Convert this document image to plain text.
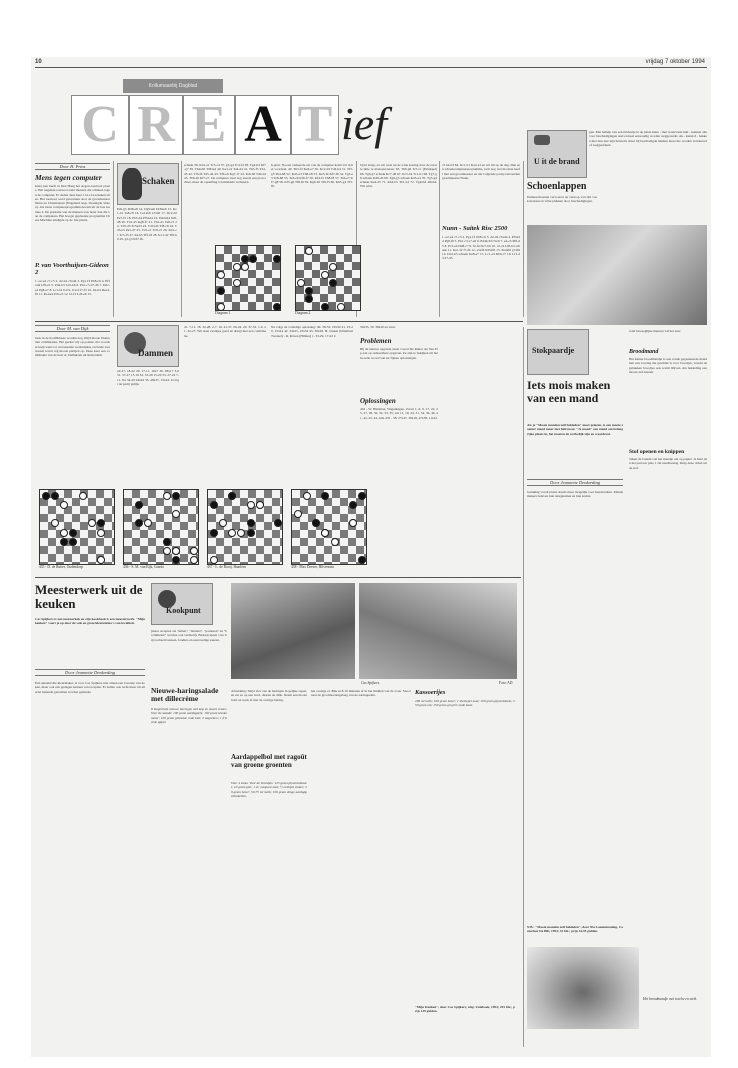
10	vrijdag 7 oktober 1994
Kollumaanbij Dagblad
C R E A T ief
Door H. Prins
Mens tegen computer
Ieder jaar heeft in Den Haag het Aegon-toernooi plaats. Het negende toernooi trekt mensen die schaken tegen de computer. Er deden deze keer 114-114 schakers mee. Het toernooi werd gewonnen door de grootmeester Nunn en Christiansen (Engeland resp. Verenigde Staten). Als beste computerprogramma kwam uit de bus Genius 2. De prestatie van de mensen was beter dan die van de computers. Het hoogst geplaatste programma Chess Machine eindigde op de 16e plaats.
P. van Voorthuijsen-Gideon 2
1. e2-e4 c7-c5 2. d2-d4 c5xd4 3. Pg1-f3 Pb8-c6 4. Pf3xd4 Lf8-e5 5. Pd4-b3 Le5-b6 6. Pb1-c3 d7-d6 7. Dd1-e2 Pg8-e7 8. Lc1-f4 0-0 9. 0-0-0 f7-f5 10. h2-h4 Dea4-f6 11. Pe-ke4 Pc6-e5 12. f2-f3 Lc8-e6 13.
Schaken
Pe6-g5 Dd8-e8 14. Dg5xe6 Dc8xe6 15. Kc1-b1 Ta8-c8 16. Le1xb6 a7xb6 17. Dc2-d2 Pe7-f5 18. Pb5-d4 Pf5xd4 19. Dd2xd4 Te8-d8 20. Td1-d5 Kg8-f7 21. Th1-d1 Te8-c5 22. Td5-d3 Pc5xd3 23. Td1xd3 Tf8-c8 24. Td3-e3 Pe5-d7 25. Td1-e1 Tc8-c5 26. Kb1-c1 Tc5-f5 27. h4-h5 Tf5-f6 28. Kc1-d2 Tf6-h6 29. g2-g3 Kf7-f6.
schaak 36. Kd1-e1 Tc5-c4 37. g3-g4 Tc4-f4 38. Tg4-h4 Kf7-g7 39. Th4xh5 Tc8xa4 40. Ke1-e2 Ta4-d4 41. Th5-f5 Td4-d5 42. Tf5-f6 Td5-d4 43. Tf6-e6 Kg7-f7 44. Te6-b6 Td4-b4 45. Tb6-a6 Kf7-e7. De computer staat nog steeds een pion achter, maar de opstelling is inmiddels verbeterd.
h-pion. Na een verkeerde zet van de computer komt wit in het voordeel. 49. Th3-f3 Ke6-e7 50. Kc2-d3 Td4-h4 51. Tf3-g3 Th4-h8 52. Kd3-e3 Th8-e8 53. Ke3-f4 Kf7-f6 54. Tg3-e3 Te8-h8 55. Te3-e6 Kf6-f7 56. Kf4-f5 Th8-f8 57. Te6-e7 Kf7-g8 58. Kf5-g6 Tf8-f6 59. Kg6-h5 Tf6-f5 60. Kh5-g4 Tf5-f6.
bij in slaap, en wit weet nu de witte koning door de zwarte linie te manoeuvreren. 65. Th6-g6 Tc5-c1 (Eindspel) 66. Tg6-g7 schaak Kc7-d6 67. Kc5-b4 Tc1-b1 68. Tg7-g6 schaak Kd6-d5 69. Tg6-g5 schaak Kd5-e4 70. Tg5-g4 schaak Ke4-d5 71. Kb4-b5 Tb1-b4 72. Tg4xb4 d6xb4. Wit wint.
Diagram 1.	Diagram 2.
c5 b4-b3 84. Kc1-b1 Ka4-a3 en wit tilt op de dag. Dan een schaakcomputerprogramma, toch nog wel mooiste heeft met een grootmeester en die volgende partij aanvaarden grootmeester Nunn.
Nunn - Saitek Risc 2500
1. e2-e4 c7-c5 2. Pg1-f3 Pb8-c6 3. d2-d4 c5xd4 4. Pf3xd4 Pg8-f6 5. Pb1-c3 e7-e6 6. Pd4xc6 b7xc6 7. e4-e5 Pf6-d5 8. Pc3-e4 Dd8-c7 9. f2-f4 Dc7-b6 10. c2-c4 Lf8-b4 schaak 11. Ke1-f2 f7-f6 12. e5xf6 Pd5xf6 13. Pe4xf6 g7xf6 14. Dd1-h5 schaak Ke8-e7 15. Lc1-e3 Db6-c7 16. Lf1-d3 d7-d5.
U it de brand
gen. Met behulp van een rubbertje in de juiste kleur - met watervaste inkt - kunnen alle voor beschadigingen snel en heel eenvoudig worden weggewerkt. Ak - kunstof - hakken met dun leer zijn hersteld, maar bij beschadigde hakken moet die worden vernieuwd of weggestoken.
Schoenlappen
Damesschoenen vervoeren na verloop van tijd vaak krassen en witte plekken door beschadigingen.
Door M. van Dijk
Ook in de hoofdklasse worden nog altijd mooie finales met combinaties. Het gezien vrij op positie- ma voordeel kuijt soms tot verrassende wedstrijden, en beide toernooien levert erg mooie partijen op. Deze keer een combinatie van de heer A. Dalhuizen uit Rotterdam.	Dammen
22-27, 18-22 29. 17-11. 16x7 30. 28x17 3-6 31. 37-27 13-16 32. 33-28 15-20 33. 27-22 7-11. Na 34-29 24x42 35. 48x37, 15x24. Zo ligt de partij gelijk.
41. 7-11. 18. 32-28. 2-7. 19. 41-37. 20-24. 20. 37-32. 1-6. 21. 32-27. Wit staat eventjes goed en dreigt met een combinatie.
Na volgt de volledige oplossing: 49. 38-33, 19x30 41. 25-20, 15x24 42. 34x25, 23x34 43. 39x28. H. Jansen (Driemaal Twentel) - R. Raven (Hilmar) 1. 33-29, 17-22 2.
50x35, 30. 38x20 en wint.
Problemen
Bij de nieuwe opgaven staan vooral De Ruiter als Van Erp aan op onhoudbare opgaven. Ze zijn te bekijken uit het Groede woord van ter fijnste oplossingen.
Oplossingen
434 - W. Hulsman, Wageningen. Zwart 1, 6, 9, 17, 22, 25, 27, 28, 30, 32, 33, 35; wit 11, 19, 24, 31, 34, 39, 40, 41, 42, 43, 44. Alle 435 - 38. 27x47, 38x18, 47x38, 11x22.
435 - D. de Ruiter, Oudendorp	436 - S. M. van Eijk, Gouda	437 - L. de Rooij, Haarlem	438 - Max Doeser, Hilversum
Stokpaardje
rond beweeglijke mensen wil het zeer.
Broodmand
Het kleine broodmandje is een ronde gegaasteerde mand met een voering die geschikt is voor broodjes, waarin de gebakken broodjes ook warm blijven. Als bekleding een mooie stof kiezen.
Iets mois maken van een mand
Als je "Mooie manden zelf bekleden" moet gelezen, is een mooie zoemer mand maar niet half mooi. "Je mand" een mand om belangrijke plaats in, het moeten de werkelijk zijn en waardevol.
Door Jeannette Denkerding
Gelukkig wordt plaats steeds meer mogelijk voor handwerken. Mandemakers beleven hun terugkomen en hun komst.
Stof openen en knippen
Teken de bodem van het mandje om op papier. Je hebt dan het patroon plus 1 cm naadtoeslag. Knip deze cirkel uit de stof.
N.B.: "Mooie manden zelf bekleden", door Nia Laammnaning, Cantecleer De Bilt, 1994; 32 blz.; prijs 16,95 gulden.
Het broodmandje met toeche en strik.
Meesterwerk uit de keuken
Cas Spijkers is een meesterkok en zijn kookboek is een meesterwerk. "Mijn keuken" voert je op door de vele en grote kleurenfoto's van kwaliteit.
Door Jeannette Denkerding
Een smaakvolle kleurmaker, is voor Cas Spijkers niet alleen een lovende van koken, maar ook een gedegen kennen van recepten. Er zullen ook recht meer uit allerlei bekende gerechten worden gemaakt.
Kookpunt
(maar recepten als "kitten", "blender", "parnassn" en "brommelen" worden ook vermeld). Basisrecepten voor bijvoorbeeld sausen, fondkrs en eenvoudige sauzen.
Nieuwe-haringsalade met dillecrème
8 magistrale nieuwe haringen met kop en staart eraan; Voor de salade: 100 gram aardappels; 100 gram komkommer; 100 gram gekookte rode biet; 2 augurken; 1 frissiste appel.
Cas Spijkers.	Foto: AD
Afwerking: Snijd vier van de haringen in gelijke repen, en zet ze op een bord, daarna de dille. Neem een mooie bord en werk af met de overige haring.
Aardappelbol met ragoût van groene groenten
Voor 4 stuks. Voor de broodjes: 125 gram pijnenboltaart; 10 gram gist; 1 ei; mespunt zout; ½ eetlepel suiker; 20 gram boter; 50-75 ml melk; 100 gram droge aardappelkroketten.
het overige ei. Bak in 8-10 minuten af in het midden van de oven. Snoor naar de grootmoedergelaag van de aardappelen.	Kassoerijes
200 ml melk; 100 gram boter; 1 theelepel zout; 100 gram pijnenbloem; 250 gram ent; 150 gram gruyère oude kaas.
"Mijn Keuken", door Cas Spijkers; uitg. Unieboek, 1994; 255 blz.; prijs 139 gulden.
